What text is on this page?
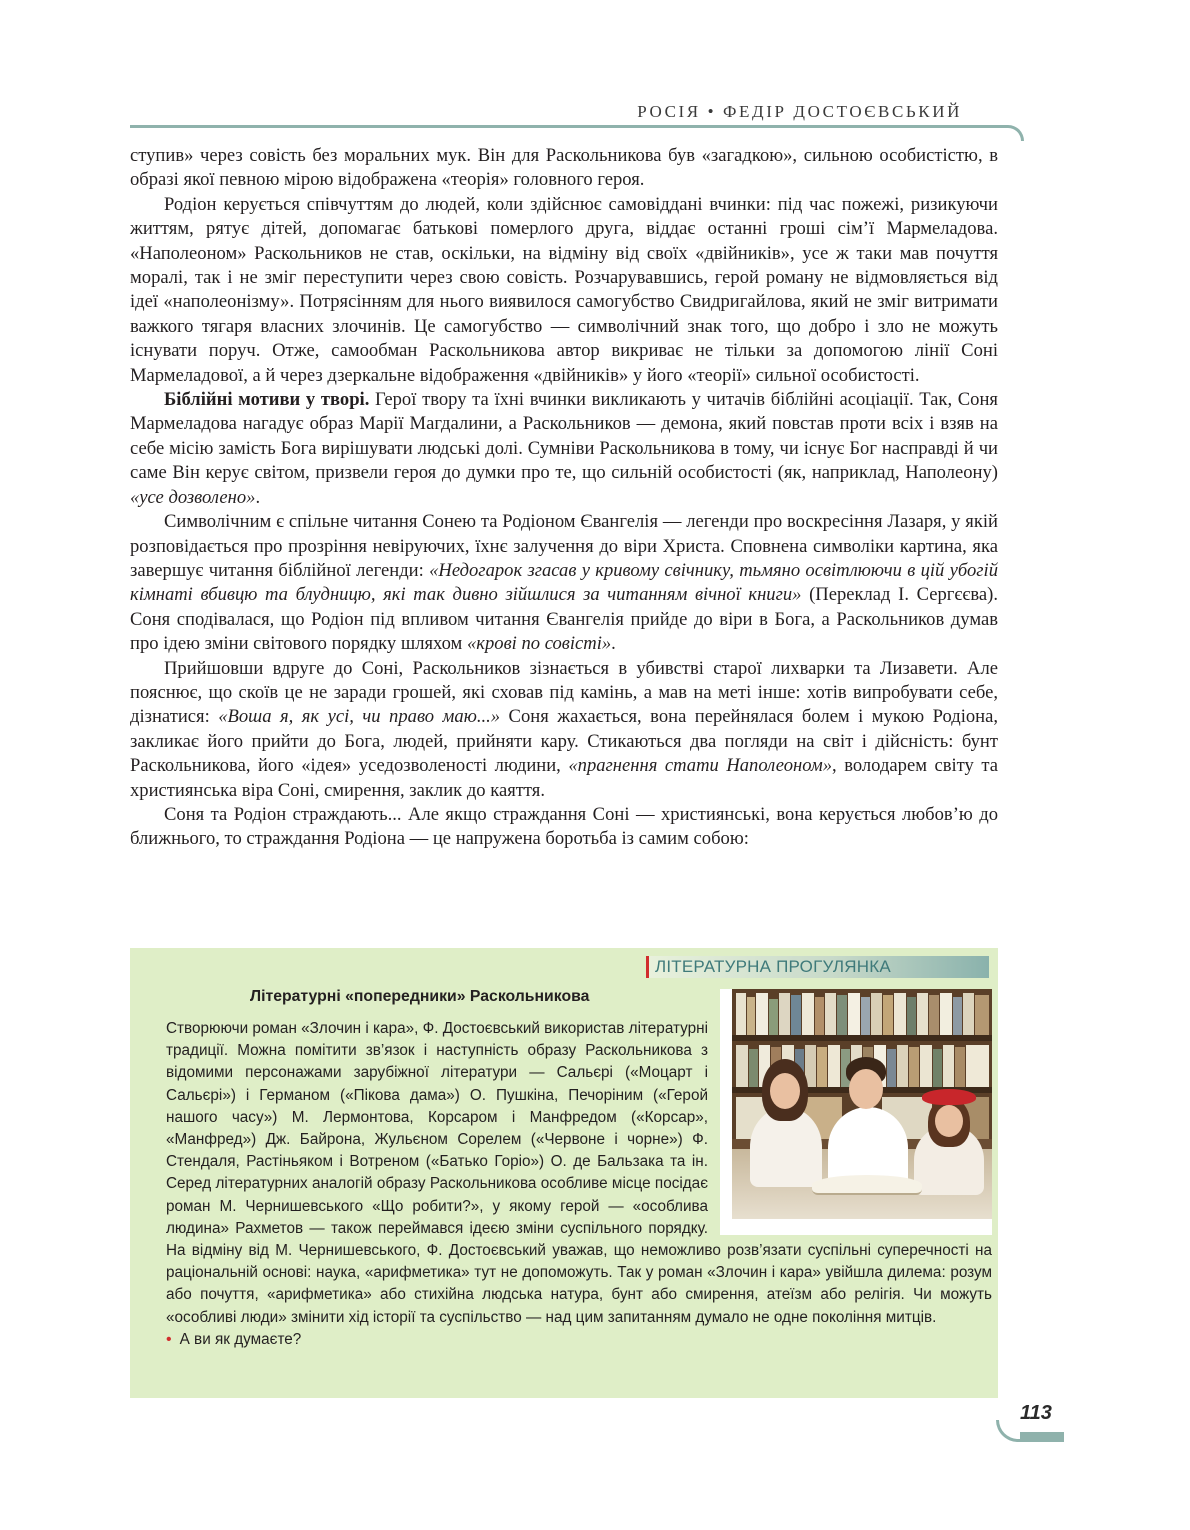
РОСІЯ • ФЕДІР ДОСТОЄВСЬКИЙ

ступив» через совість без моральних мук. Він для Раскольникова був «загадкою», сильною особистістю, в образі якої певною мірою відображена «теорія» головного героя.

Родіон керується співчуттям до людей, коли здійснює самовіддані вчинки: під час пожежі, ризикуючи життям, рятує дітей, допомагає батькові померлого друга, віддає останні гроші сім’ї Мармеладова. «Наполеоном» Раскольников не став, оскільки, на відміну від своїх «двійників», усе ж таки мав почуття моралі, так і не зміг переступити через свою совість. Розчарувавшись, герой роману не відмовляється від ідеї «наполеонізму». Потрясінням для нього виявилося самогубство Свидригайлова, який не зміг витримати важкого тягаря власних злочинів. Це самогубство — символічний знак того, що добро і зло не можуть існувати поруч. Отже, самообман Раскольникова автор викриває не тільки за допомогою лінії Соні Мармеладової, а й через дзеркальне відображення «двійників» у його «теорії» сильної особистості.

Біблійні мотиви у творі. Герої твору та їхні вчинки викликають у читачів біблійні асоціації. Так, Соня Мармеладова нагадує образ Марії Магдалини, а Раскольников — демона, який повстав проти всіх і взяв на себе місію замість Бога вирішувати людські долі. Сумніви Раскольникова в тому, чи існує Бог насправді й чи саме Він керує світом, призвели героя до думки про те, що сильній особистості (як, наприклад, Наполеону) «усе дозволено».

Символічним є спільне читання Сонею та Родіоном Євангелія — легенди про воскресіння Лазаря, у якій розповідається про прозріння невіруючих, їхнє залучення до віри Христа. Сповнена символіки картина, яка завершує читання біблійної легенди: «Недогарок згасав у кривому свічнику, тьмяно освітлюючи в цій убогій кімнаті вбивцю та блудницю, які так дивно зійшлися за читанням вічної книги» (Переклад І. Сергєєва). Соня сподівалася, що Родіон під впливом читання Євангелія прийде до віри в Бога, а Раскольников думав про ідею зміни світового порядку шляхом «крові по совісті».

Прийшовши вдруге до Соні, Раскольников зізнається в убивстві старої лихварки та Лизавети. Але пояснює, що скоїв це не заради грошей, які сховав під камінь, а мав на меті інше: хотів випробувати себе, дізнатися: «Воша я, як усі, чи право маю...» Соня жахається, вона перейнялася болем і мукою Родіона, закликає його прийти до Бога, людей, прийняти кару. Стикаються два погляди на світ і дійсність: бунт Раскольникова, його «ідея» уседозволеності людини, «прагнення стати Наполеоном», володарем світу та християнська віра Соні, смирення, заклик до каяття.

Соня та Родіон страждають... Але якщо страждання Соні — християнські, вона керується любов’ю до ближнього, то страждання Родіона — це напружена боротьба із самим собою:

ЛІТЕРАТУРНА ПРОГУЛЯНКА
Літературні «попередники» Раскольникова

Створюючи роман «Злочин і кара», Ф. Достоєвський використав літературні традиції. Можна помітити зв’язок і наступність образу Раскольникова з відомими персонажами зарубіжної літератури — Сальєрі («Моцарт і Сальєрі») і Германом («Пікова дама») О. Пушкіна, Печоріним («Герой нашого часу») М. Лермонтова, Корсаром і Манфредом («Корсар», «Манфред») Дж. Байрона, Жульєном Сорелем («Червоне і чорне») Ф. Стендаля, Растіньяком і Вотреном («Батько Горіо») О. де Бальзака та ін. Серед літературних аналогій образу Раскольникова особливе місце посідає роман М. Чернишевського «Що робити?», у якому герой — «особлива людина» Рахметов — також переймався ідеєю зміни суспільного порядку. На відміну від М. Чернишевського, Ф. Достоєвський уважав, що неможливо розв’язати суспільні суперечності на раціональній основі: наука, «арифметика» тут не допоможуть. Так у роман «Злочин і кара» увійшла дилема: розум або почуття, «арифметика» або стихійна людська натура, бунт або смирення, атеїзм або релігія. Чи можуть «особливі люди» змінити хід історії та суспільство — над цим запитанням думало не одне покоління митців.

• А ви як думаєте?
113
